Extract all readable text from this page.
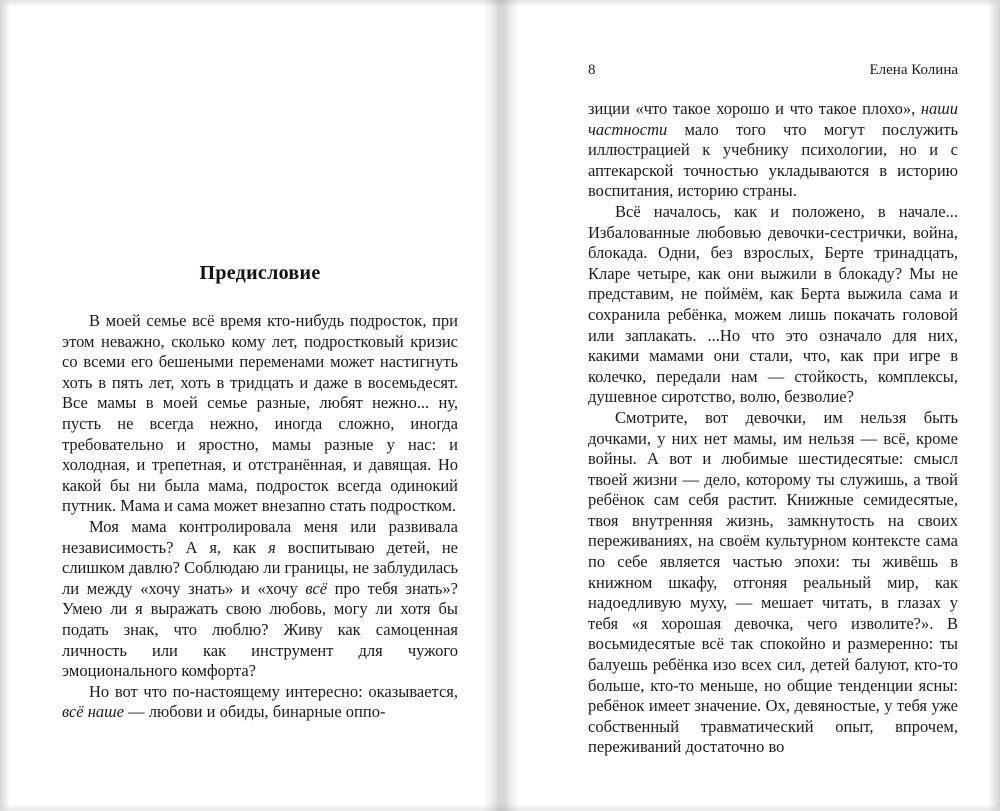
Предисловие

В моей семье всё время кто-нибудь подросток, при этом неважно, сколько кому лет, подростковый кризис со всеми его бешеными переменами может настигнуть хоть в пять лет, хоть в тридцать и даже в восемьдесят. Все мамы в моей семье разные, любят нежно... ну, пусть не всегда нежно, иногда сложно, иногда требовательно и яростно, мамы разные у нас: и холодная, и трепетная, и отстранённая, и давящая. Но какой бы ни была мама, подросток всегда одинокий путник. Мама и сама может внезапно стать подростком.

Моя мама контролировала меня или развивала независимость? А я, как я воспитываю детей, не слишком давлю? Соблюдаю ли границы, не заблудилась ли между «хочу знать» и «хочу всё про тебя знать»? Умею ли я выражать свою любовь, могу ли хотя бы подать знак, что люблю? Живу как самоценная личность или как инструмент для чужого эмоционального комфорта?

Но вот что по-настоящему интересно: оказывается, всё наше — любови и обиды, бинарные оппо-

8	Елена Колина

зиции «что такое хорошо и что такое плохо», наши частности мало того что могут послужить иллюстрацией к учебнику психологии, но и с аптекарской точностью укладываются в историю воспитания, историю страны.

Всё началось, как и положено, в начале... Избалованные любовью девочки-сестрички, война, блокада. Одни, без взрослых, Берте тринадцать, Кларе четыре, как они выжили в блокаду? Мы не представим, не поймём, как Берта выжила сама и сохранила ребёнка, можем лишь покачать головой или заплакать. ...Но что это означало для них, какими мамами они стали, что, как при игре в колечко, передали нам — стойкость, комплексы, душевное сиротство, волю, безволие?

Смотрите, вот девочки, им нельзя быть дочками, у них нет мамы, им нельзя — всё, кроме войны. А вот и любимые шестидесятые: смысл твоей жизни — дело, которому ты служишь, а твой ребёнок сам себя растит. Книжные семидесятые, твоя внутренняя жизнь, замкнутость на своих переживаниях, на своём культурном контексте сама по себе является частью эпохи: ты живёшь в книжном шкафу, отгоняя реальный мир, как надоедливую муху, — мешает читать, в глазах у тебя «я хорошая девочка, чего изволите?». В восьмидесятые всё так спокойно и размеренно: ты балуешь ребёнка изо всех сил, детей балуют, кто-то больше, кто-то меньше, но общие тенденции ясны: ребёнок имеет значение. Ох, девяностые, у тебя уже собственный травматический опыт, впрочем, переживаний достаточно во
